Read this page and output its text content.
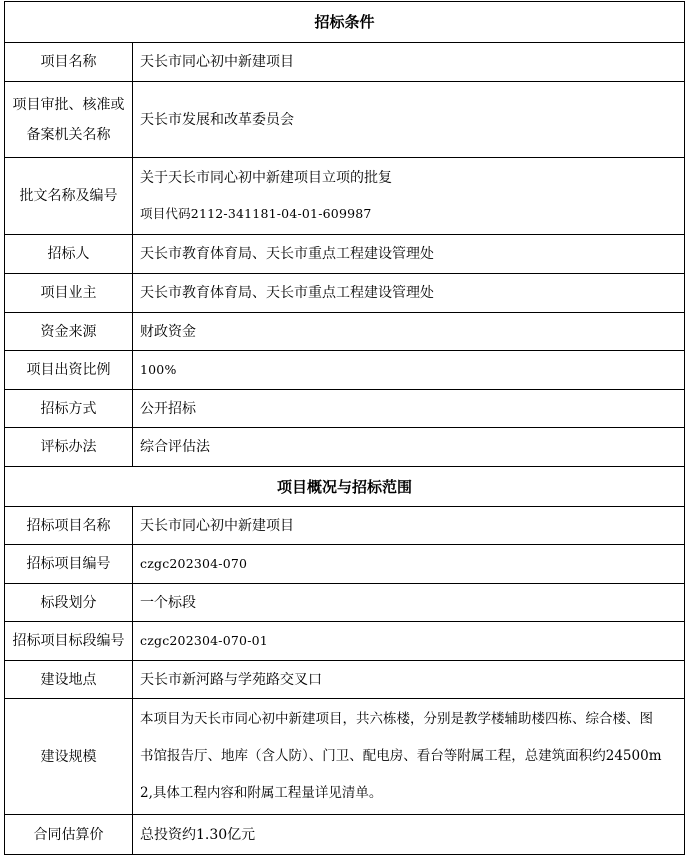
招标条件	
项目名称	天长市同心初中新建项目

项目审批、核准或
备案机关名称	天长市发展和改革委员会
批文名称及编号	关于天长市同心初中新建项目立项的批复
项目代码2112-341181-04-01-609987

招标人	天长市教育体育局、天长市重点工程建设管理处
项目业主	天长市教育体育局、天长市重点工程建设管理处
资金来源	财政资金
项目出资比例	100%
招标方式	公开招标
评标办法	综合评估法
项目概况与招标范围	
招标项目名称	天长市同心初中新建项目
招标项目编号	czgc202304-070
标段划分	一个标段
招标项目标段编号	czgc202304-070-01
建设地点	天长市新河路与学苑路交叉口
建设规模	本项目为天长市同心初中新建项目，共六栋楼，分别是教学楼辅助楼四栋、综合楼、图
书馆报告厅、地库（含人防）、门卫、配电房、看台等附属工程，总建筑面积约24500m
2,具体工程内容和附属工程量详见清单。

合同估算价	总投资约1.30亿元
